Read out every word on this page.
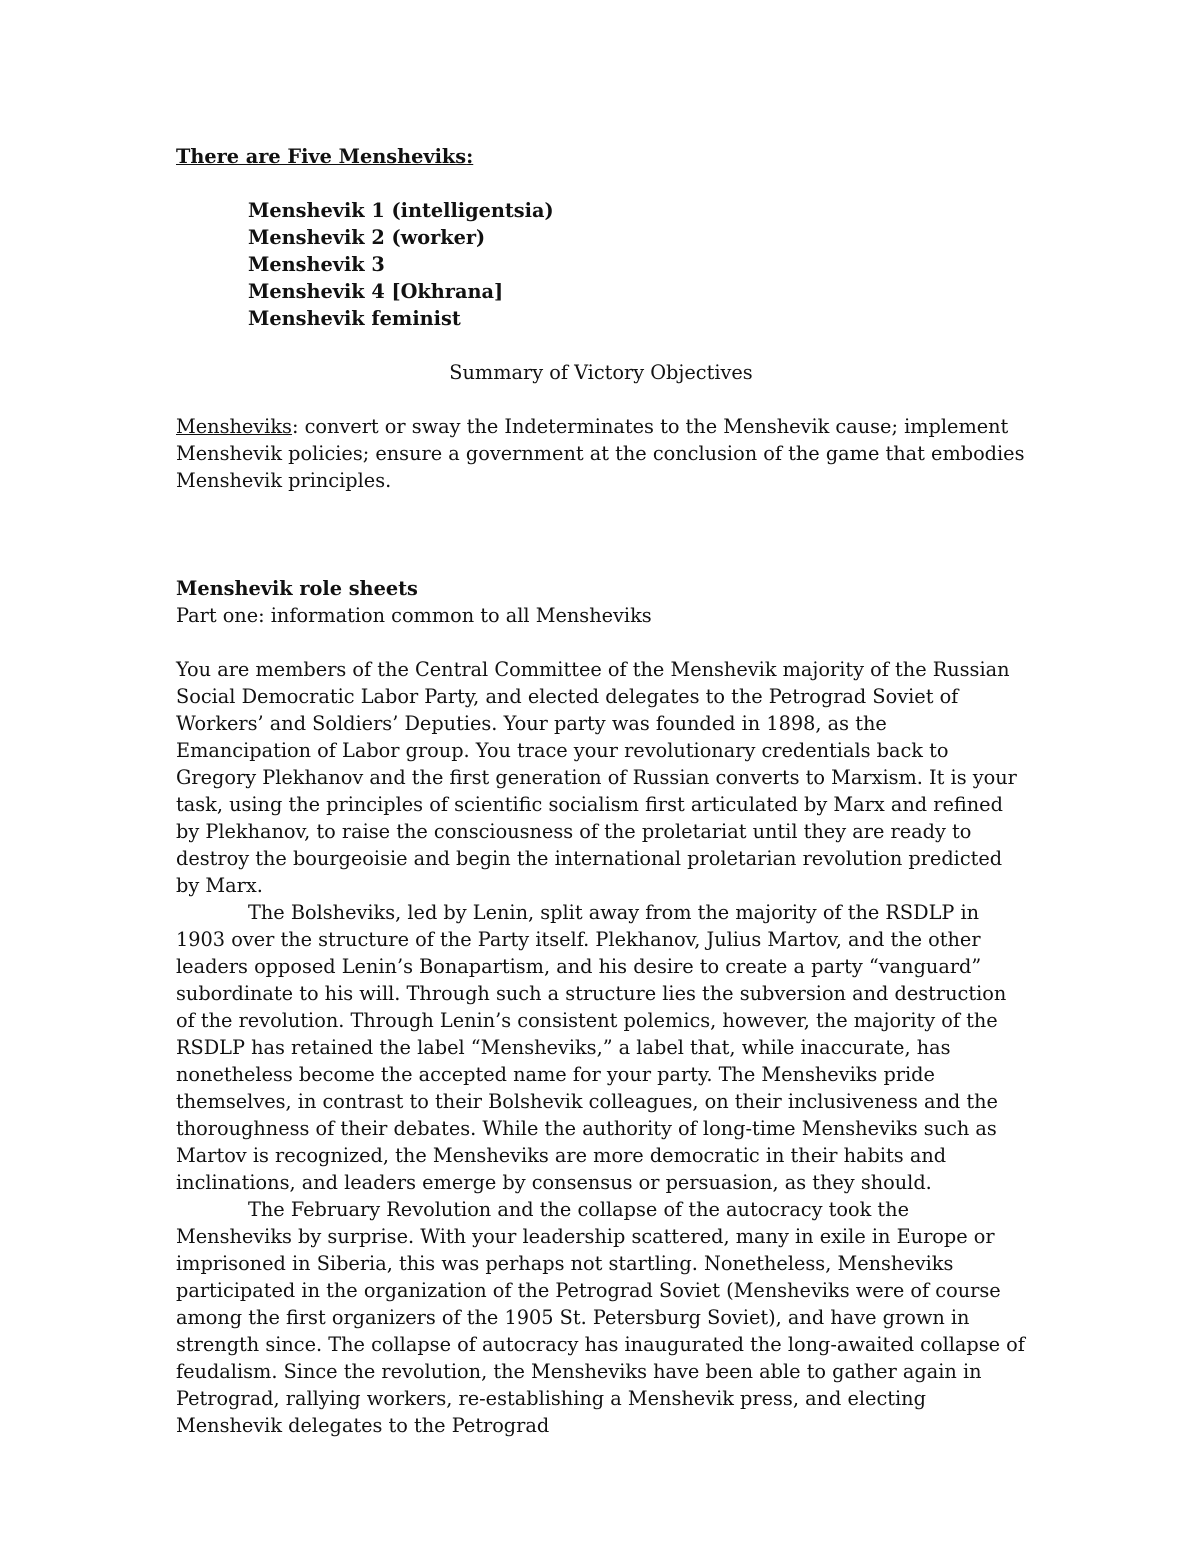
There are Five Mensheviks:

Menshevik 1 (intelligentsia)
Menshevik 2 (worker)
Menshevik 3
Menshevik 4 [Okhrana]
Menshevik feminist

Summary of Victory Objectives

Mensheviks: convert or sway the Indeterminates to the Menshevik cause; implement Menshevik policies; ensure a government at the conclusion of the game that embodies Menshevik principles.

Menshevik role sheets

Part one: information common to all Mensheviks

You are members of the Central Committee of the Menshevik majority of the Russian Social Democratic Labor Party, and elected delegates to the Petrograd Soviet of Workers’ and Soldiers’ Deputies. Your party was founded in 1898, as the Emancipation of Labor group. You trace your revolutionary credentials back to Gregory Plekhanov and the first generation of Russian converts to Marxism. It is your task, using the principles of scientific socialism first articulated by Marx and refined by Plekhanov, to raise the consciousness of the proletariat until they are ready to destroy the bourgeoisie and begin the international proletarian revolution predicted by Marx.

The Bolsheviks, led by Lenin, split away from the majority of the RSDLP in 1903 over the structure of the Party itself. Plekhanov, Julius Martov, and the other leaders opposed Lenin’s Bonapartism, and his desire to create a party “vanguard” subordinate to his will. Through such a structure lies the subversion and destruction of the revolution. Through Lenin’s consistent polemics, however, the majority of the RSDLP has retained the label “Mensheviks,” a label that, while inaccurate, has nonetheless become the accepted name for your party. The Mensheviks pride themselves, in contrast to their Bolshevik colleagues, on their inclusiveness and the thoroughness of their debates. While the authority of long-time Mensheviks such as Martov is recognized, the Mensheviks are more democratic in their habits and inclinations, and leaders emerge by consensus or persuasion, as they should.

The February Revolution and the collapse of the autocracy took the Mensheviks by surprise. With your leadership scattered, many in exile in Europe or imprisoned in Siberia, this was perhaps not startling. Nonetheless, Mensheviks participated in the organization of the Petrograd Soviet (Mensheviks were of course among the first organizers of the 1905 St. Petersburg Soviet), and have grown in strength since. The collapse of autocracy has inaugurated the long-awaited collapse of feudalism. Since the revolution, the Mensheviks have been able to gather again in Petrograd, rallying workers, re-establishing a Menshevik press, and electing Menshevik delegates to the Petrograd
